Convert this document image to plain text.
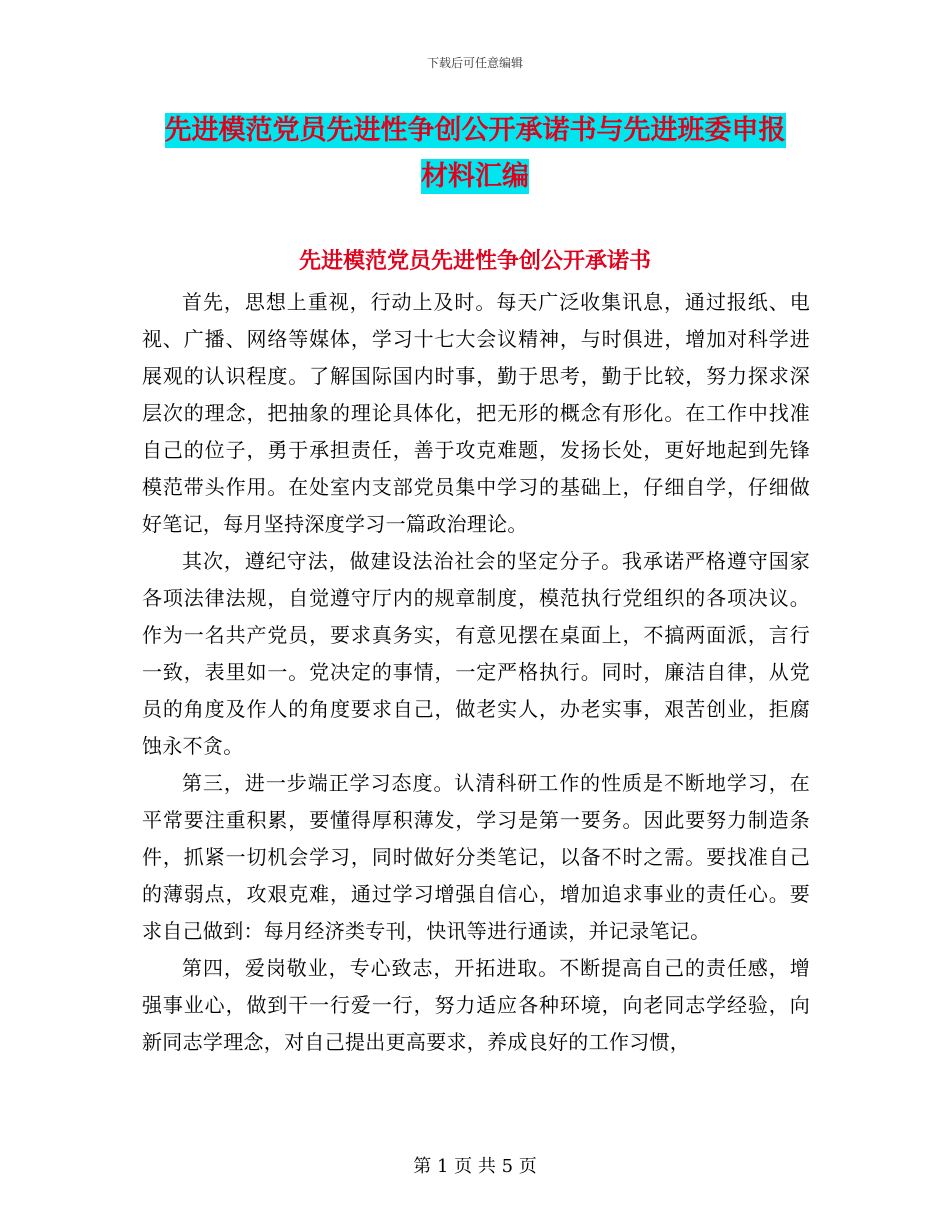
下载后可任意编辑
先进模范党员先进性争创公开承诺书与先进班委申报
材料汇编
先进模范党员先进性争创公开承诺书

首先，思想上重视，行动上及时。每天广泛收集讯息，通过报纸、电视、广播、网络等媒体，学习十七大会议精神，与时俱进，增加对科学进展观的认识程度。了解国际国内时事，勤于思考，勤于比较，努力探求深层次的理念，把抽象的理论具体化，把无形的概念有形化。在工作中找准自己的位子，勇于承担责任，善于攻克难题，发扬长处，更好地起到先锋模范带头作用。在处室内支部党员集中学习的基础上，仔细自学，仔细做好笔记，每月坚持深度学习一篇政治理论。

其次，遵纪守法，做建设法治社会的坚定分子。我承诺严格遵守国家各项法律法规，自觉遵守厅内的规章制度，模范执行党组织的各项决议。作为一名共产党员，要求真务实，有意见摆在桌面上，不搞两面派，言行一致，表里如一。党决定的事情，一定严格执行。同时，廉洁自律，从党员的角度及作人的角度要求自己，做老实人，办老实事，艰苦创业，拒腐蚀永不贪。

第三，进一步端正学习态度。认清科研工作的性质是不断地学习，在平常要注重积累，要懂得厚积薄发，学习是第一要务。因此要努力制造条件，抓紧一切机会学习，同时做好分类笔记，以备不时之需。要找准自己的薄弱点，攻艰克难，通过学习增强自信心，增加追求事业的责任心。要求自己做到：每月经济类专刊，快讯等进行通读，并记录笔记。

第四，爱岗敬业，专心致志，开拓进取。不断提高自己的责任感，增强事业心，做到干一行爱一行，努力适应各种环境，向老同志学经验，向新同志学理念，对自己提出更高要求，养成良好的工作习惯，

第 1 页 共 5 页
